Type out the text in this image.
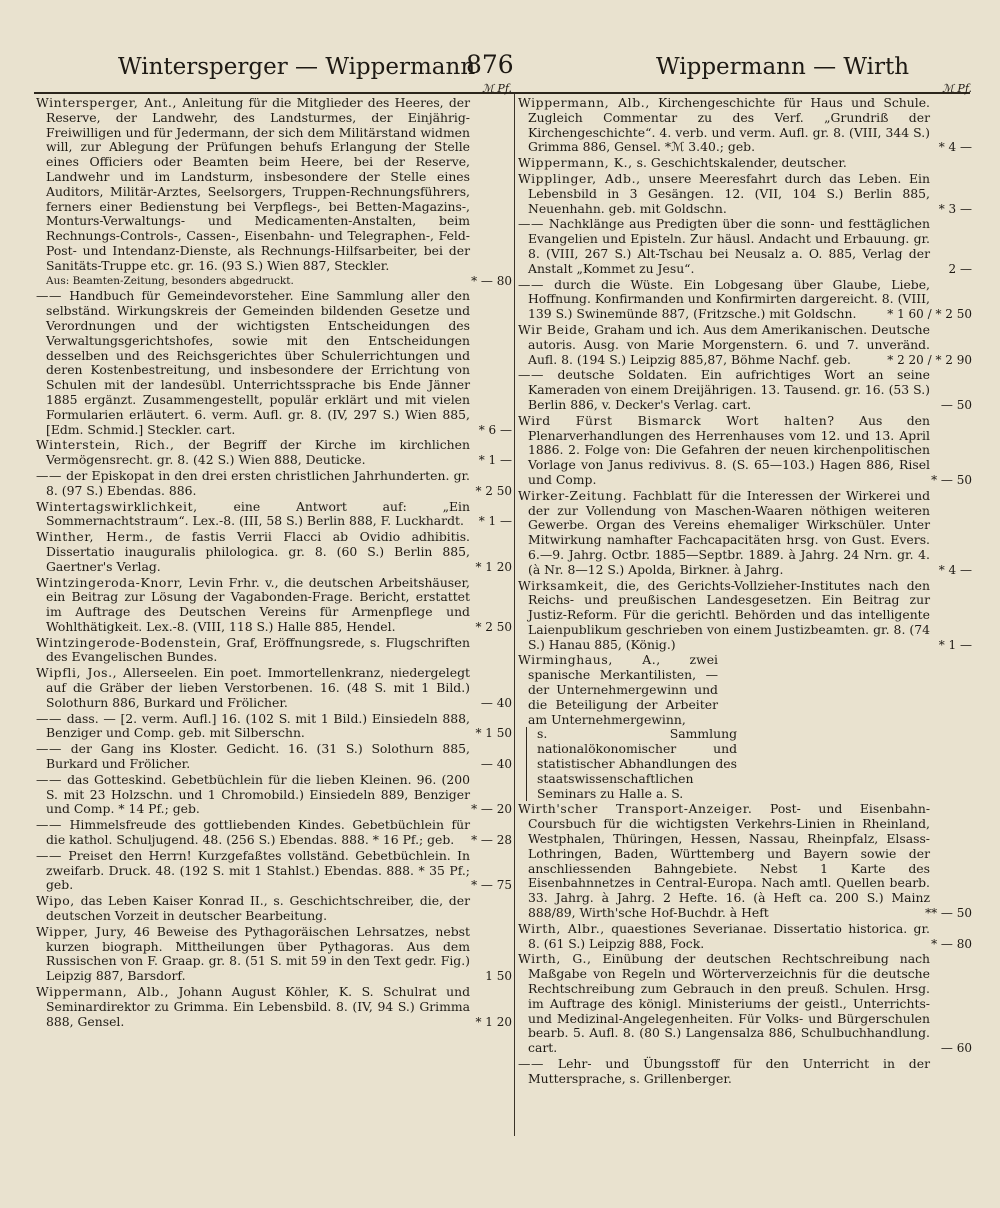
Wintersperger — Wippermann
876	Wippermann — Wirth
ℳ Pf.
Wintersperger, Ant., Anleitung für die Mitglieder des Heeres, der Reserve, der Landwehr, des Landsturmes, der Einjährig-Freiwilligen und für Jedermann, der sich dem Militärstand widmen will, zur Ablegung der Prüfungen behufs Erlangung der Stelle eines Officiers oder Beamten beim Heere, bei der Reserve, Landwehr und im Landsturm, insbesondere der Stelle eines Auditors, Militär-Arztes, Seelsorgers, Truppen-Rechnungsführers, ferners einer Bedienstung bei Verpflegs-, bei Betten-Magazins-, Monturs-Verwaltungs- und Medicamenten-Anstalten, beim Rechnungs-Controls-, Cassen-, Eisenbahn- und Telegraphen-, Feld-Post- und Intendanz-Dienste, als Rechnungs-Hilfsarbeiter, bei der Sanitäts-Truppe etc. gr. 16. (93 S.) Wien 887, Steckler.
* — 80
Aus: Beamten-Zeitung, besonders abgedruckt.
—— Handbuch für Gemeindevorsteher. Eine Sammlung aller den selbständ. Wirkungskreis der Gemeinden bildenden Gesetze und Verordnungen und der wichtigsten Entscheidungen des Verwaltungsgerichtshofes, sowie mit den Entscheidungen desselben und des Reichsgerichtes über Schulerrichtungen und deren Kostenbestreitung, und insbesondere der Errichtung von Schulen mit der landesübl. Unterrichtssprache bis Ende Jänner 1885 ergänzt. Zusammengestellt, populär erklärt und mit vielen Formularien erläutert. 6. verm. Aufl. gr. 8. (IV, 297 S.) Wien 885, [Edm. Schmid.] Steckler. cart.	* 6 —
Winterstein, Rich., der Begriff der Kirche im kirchlichen Vermögensrecht. gr. 8. (42 S.) Wien 888, Deuticke.	* 1 —
—— der Episkopat in den drei ersten christlichen Jahrhunderten. gr. 8. (97 S.) Ebendas. 886.	* 2 50
Wintertagswirklichkeit, eine Antwort auf: „Ein Sommernachtstraum“. Lex.-8. (III, 58 S.) Berlin 888, F. Luckhardt. * 1 —
Winther, Herm., de fastis Verrii Flacci ab Ovidio adhibitis. Dissertatio inauguralis philologica. gr. 8. (60 S.) Berlin 885, Gaertner's Verlag.	* 1 20
Wintzingeroda-Knorr, Levin Frhr. v., die deutschen Arbeitshäuser, ein Beitrag zur Lösung der Vagabonden-Frage. Bericht, erstattet im Auftrage des Deutschen Vereins für Armenpflege und Wohlthätigkeit. Lex.-8. (VIII, 118 S.) Halle 885, Hendel.	* 2 50
Wintzingerode-Bodenstein, Graf, Eröffnungsrede, s. Flugschriften des Evangelischen Bundes.
Wipfli, Jos., Allerseelen. Ein poet. Immortellenkranz, niedergelegt auf die Gräber der lieben Verstorbenen. 16. (48 S. mit 1 Bild.) Solothurn 886, Burkard und Frölicher.	— 40
—— dass. — [2. verm. Aufl.] 16. (102 S. mit 1 Bild.) Einsiedeln 888, Benziger und Comp. geb. mit Silberschn.	* 1 50
—— der Gang ins Kloster. Gedicht. 16. (31 S.) Solothurn 885, Burkard und Frölicher.	— 40
—— das Gotteskind. Gebetbüchlein für die lieben Kleinen. 96. (200 S. mit 23 Holzschn. und 1 Chromobild.) Einsiedeln 889, Benziger und Comp. * 14 Pf.; geb.	* — 20
—— Himmelsfreude des gottliebenden Kindes. Gebetbüchlein für die kathol. Schuljugend. 48. (256 S.) Ebendas. 888. * 16 Pf.; geb. * — 28
—— Preiset den Herrn! Kurzgefaßtes vollständ. Gebetbüchlein. In zweifarb. Druck. 48. (192 S. mit 1 Stahlst.) Ebendas. 888. * 35 Pf.; geb.	* — 75
Wipo, das Leben Kaiser Konrad II., s. Geschichtschreiber, die, der deutschen Vorzeit in deutscher Bearbeitung.
Wipper, Jury, 46 Beweise des Pythagoräischen Lehrsatzes, nebst kurzen biograph. Mittheilungen über Pythagoras. Aus dem Russischen von F. Graap. gr. 8. (51 S. mit 59 in den Text gedr. Fig.) Leipzig 887, Barsdorf.	1 50
Wippermann, Alb., Johann August Köhler, K. S. Schulrat und Seminardirektor zu Grimma. Ein Lebensbild. 8. (IV, 94 S.) Grimma 888, Gensel.	* 1 20
ℳ Pf.
Wippermann, Alb., Kirchengeschichte für Haus und Schule. Zugleich Commentar zu des Verf. „Grundriß der Kirchengeschichte“. 4. verb. und verm. Aufl. gr. 8. (VIII, 344 S.) Grimma 886, Gensel. *ℳ 3.40.; geb.	* 4 —
Wippermann, K., s. Geschichtskalender, deutscher.
Wipplinger, Adb., unsere Meeresfahrt durch das Leben. Ein Lebensbild in 3 Gesängen. 12. (VII, 104 S.) Berlin 885, Neuenhahn. geb. mit Goldschn.	* 3 —
—— Nachklänge aus Predigten über die sonn- und festtäglichen Evangelien und Episteln. Zur häusl. Andacht und Erbauung. gr. 8. (VIII, 267 S.) Alt-Tschau bei Neusalz a. O. 885, Verlag der Anstalt „Kommet zu Jesu“.	2 —
—— durch die Wüste. Ein Lobgesang über Glaube, Liebe, Hoffnung. Konfirmanden und Konfirmirten dargereicht. 8. (VIII, 139 S.) Swinemünde 887, (Fritzsche.) mit Goldschn.	* 1 60 / * 2 50
Wir Beide, Graham und ich. Aus dem Amerikanischen. Deutsche autoris. Ausg. von Marie Morgenstern. 6. und 7. unveränd. Aufl. 8. (194 S.) Leipzig 885,87, Böhme Nachf. geb.	* 2 20 / * 2 90
—— deutsche Soldaten. Ein aufrichtiges Wort an seine Kameraden von einem Dreijährigen. 13. Tausend. gr. 16. (53 S.) Berlin 886, v. Decker's Verlag. cart.	— 50
Wird Fürst Bismarck Wort halten? Aus den Plenarverhandlungen des Herrenhauses vom 12. und 13. April 1886. 2. Folge von: Die Gefahren der neuen kirchenpolitischen Vorlage von Janus redivivus. 8. (S. 65—103.) Hagen 886, Risel und Comp.	* — 50
Wirker-Zeitung. Fachblatt für die Interessen der Wirkerei und der zur Vollendung von Maschen-Waaren nöthigen weiteren Gewerbe. Organ des Vereins ehemaliger Wirkschüler. Unter Mitwirkung namhafter Fachcapacitäten hrsg. von Gust. Evers. 6.—9. Jahrg. Octbr. 1885—Septbr. 1889. à Jahrg. 24 Nrn. gr. 4. (à Nr. 8—12 S.) Apolda, Birkner. à Jahrg.	* 4 —
Wirksamkeit, die, des Gerichts-Vollzieher-Institutes nach den Reichs- und preußischen Landesgesetzen. Ein Beitrag zur Justiz-Reform. Für die gerichtl. Behörden und das intelligente Laienpublikum geschrieben von einem Justizbeamten. gr. 8. (74 S.) Hanau 885, (König.)	* 1 —
Wirminghaus, A., zwei spanische Merkantilisten, — der Unternehmergewinn und die Beteiligung der Arbeiter am Unternehmergewinn,s. Sammlung nationalökonomischer und statistischer Abhandlungen des staatswissenschaftlichen Seminars zu Halle a. S.
Wirth'scher Transport-Anzeiger. Post- und Eisenbahn-Coursbuch für die wichtigsten Verkehrs-Linien in Rheinland, Westphalen, Thüringen, Hessen, Nassau, Rheinpfalz, Elsass-Lothringen, Baden, Württemberg und Bayern sowie der anschliessenden Bahngebiete. Nebst 1 Karte des Eisenbahnnetzes in Central-Europa. Nach amtl. Quellen bearb. 33. Jahrg. à Jahrg. 2 Hefte. 16. (à Heft ca. 200 S.) Mainz 888/89, Wirth'sche Hof-Buchdr. à Heft	** — 50
Wirth, Albr., quaestiones Severianae. Dissertatio historica. gr. 8. (61 S.) Leipzig 888, Fock.	* — 80
Wirth, G., Einübung der deutschen Rechtschreibung nach Maßgabe von Regeln und Wörterverzeichnis für die deutsche Rechtschreibung zum Gebrauch in den preuß. Schulen. Hrsg. im Auftrage des königl. Ministeriums der geistl., Unterrichts- und Medizinal-Angelegenheiten. Für Volks- und Bürgerschulen bearb. 5. Aufl. 8. (80 S.) Langensalza 886, Schulbuchhandlung. cart.	— 60
—— Lehr- und Übungsstoff für den Unterricht in der Muttersprache, s. Grillenberger.
